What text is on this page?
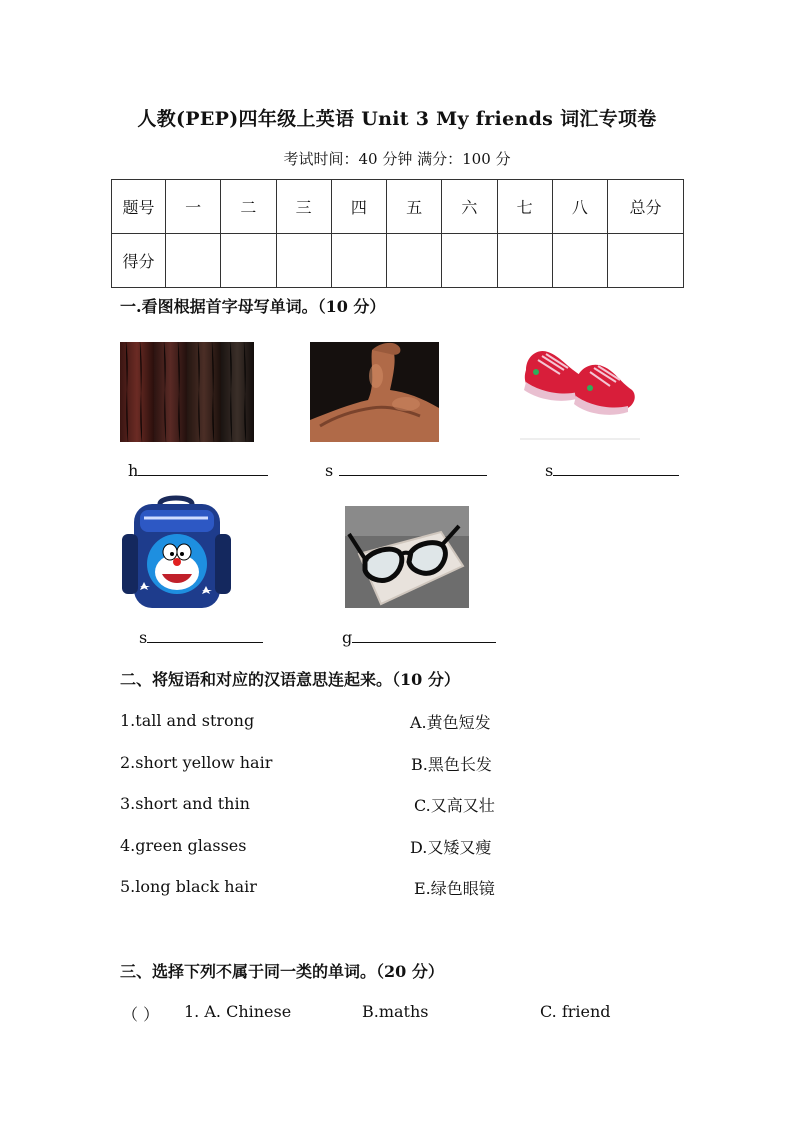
人教(PEP)四年级上英语 Unit 3 My friends 词汇专项卷
考试时间：40 分钟 满分：100 分
题号	一	二	三	四	五	六	七	八	总分
得分									
一.看图根据首字母写单词。（10 分）
h	s	s
s	g
二、将短语和对应的汉语意思连起来。（10 分）
1.tall and strong
2.short yellow hair
3.short and thin
4.green glasses
5.long black hair
A.黄色短发
B.黑色长发
C.又高又壮
D.又矮又瘦
E.绿色眼镜
三、选择下列不属于同一类的单词。（20 分）
（ ） 1. A. Chinese	B.maths	C. friend
